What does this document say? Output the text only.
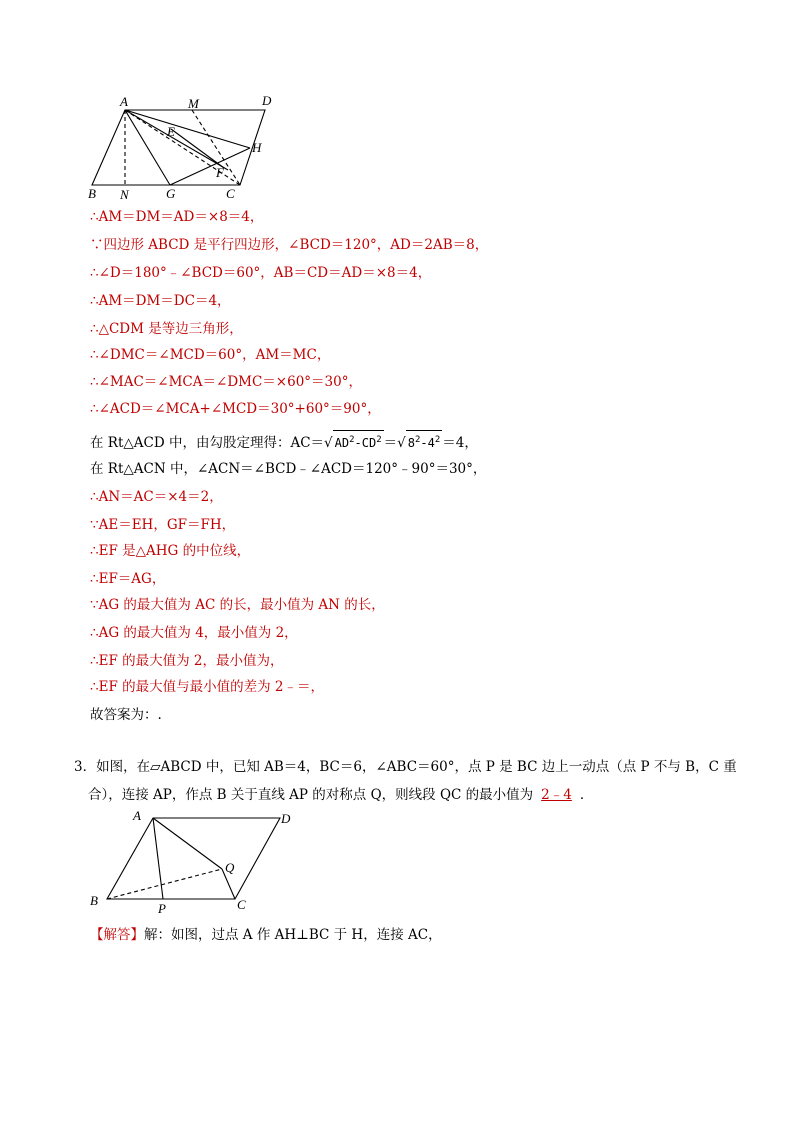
A	M	D
E
H
F
B N	G	C
∴AM＝DM＝AD＝×8＝4，
∵四边形 ABCD 是平行四边形，∠BCD＝120°，AD＝2AB＝8，
∴∠D＝180°﹣∠BCD＝60°，AB＝CD＝AD＝×8＝4，
∴AM＝DM＝DC＝4，
∴△CDM 是等边三角形，
∴∠DMC＝∠MCD＝60°，AM＝MC，
∴∠MAC＝∠MCA＝∠DMC＝×60°＝30°，
∴∠ACD＝∠MCA+∠MCD＝30°+60°＝90°，
在 Rt△ACD 中，由勾股定理得：AC＝√ $AD^2-CD^2$ ＝√ $8^2-4^2 =4$，
在 Rt△ACN 中，∠ACN＝∠BCD﹣∠ACD＝120°﹣90°＝30°，
∴AN＝AC＝×4＝2，
∵AE＝EH，GF＝FH，
∴EF 是△AHG 的中位线，
∴EF＝AG，
∵AG 的最大值为 AC 的长，最小值为 AN 的长，
∴AG 的最大值为 4，最小值为 2，
∴EF 的最大值为 2，最小值为，
∴EF 的最大值与最小值的差为 2﹣＝，
故答案为：.
3．如图，在▱ABCD 中，已知 AB＝4，BC＝6，∠ABC＝60°，点 P 是 BC 边上一动点（点 P 不与 B，C 重
合），连接 AP，作点 B 关于直线 AP 的对称点 Q，则线段 QC 的最小值为 2﹣4 ．
A	D
Q
B
P	C
【解答】解：如图，过点 A 作 AH⊥BC 于 H，连接 AC，
